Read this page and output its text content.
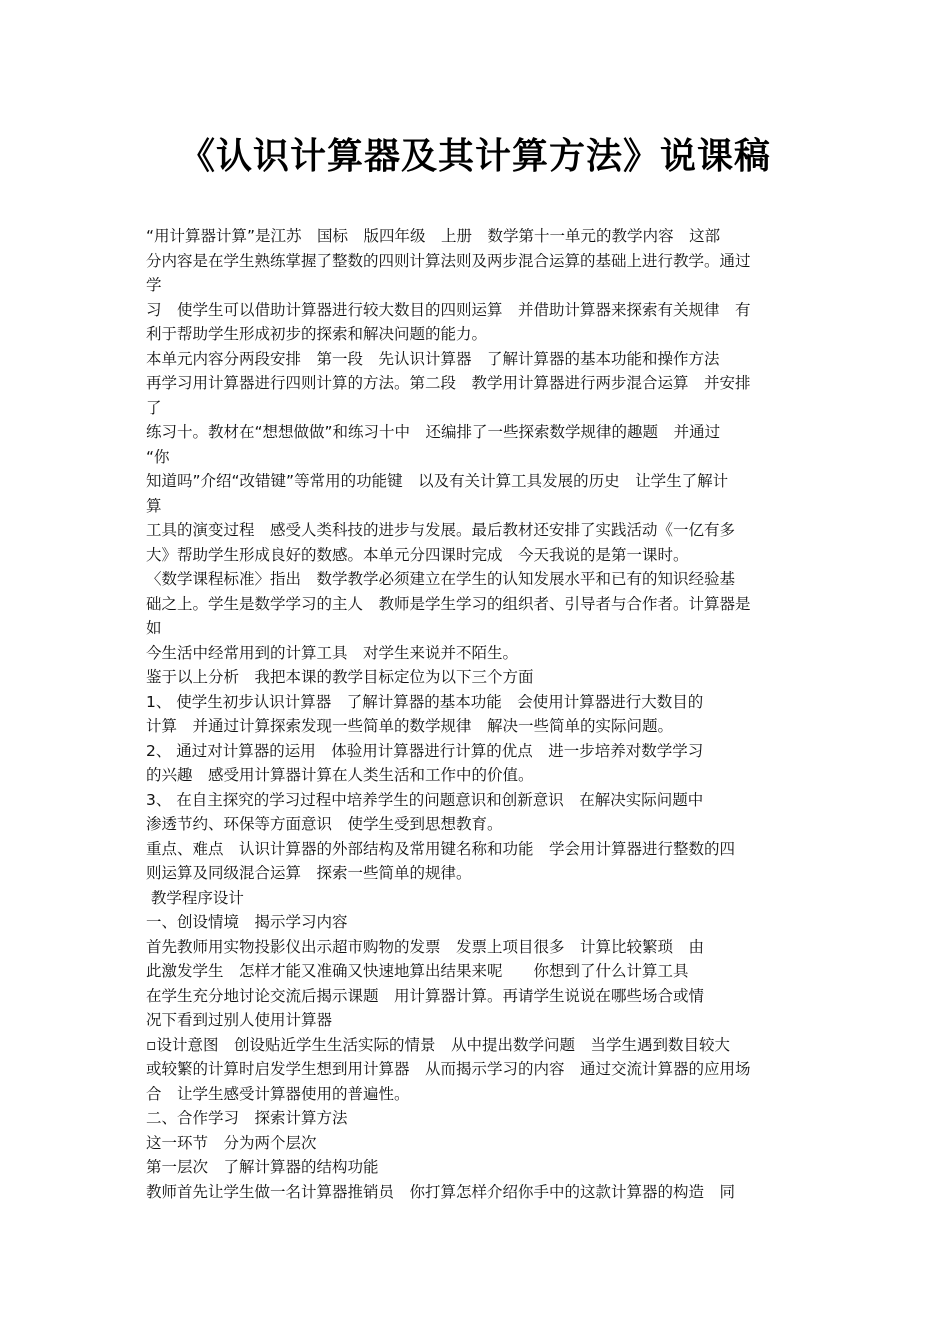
《认识计算器及其计算方法》说课稿
“用计算器计算”是江苏　国标　版四年级　上册　数学第十一单元的教学内容　这部
分内容是在学生熟练掌握了整数的四则计算法则及两步混合运算的基础上进行教学。通过
学
习　使学生可以借助计算器进行较大数目的四则运算　并借助计算器来探索有关规律　有
利于帮助学生形成初步的探索和解决问题的能力。
本单元内容分两段安排　第一段　先认识计算器　了解计算器的基本功能和操作方法
再学习用计算器进行四则计算的方法。第二段　教学用计算器进行两步混合运算　并安排
了
练习十。教材在“想想做做”和练习十中　还编排了一些探索数学规律的趣题　并通过
“你
知道吗”介绍“改错键”等常用的功能键　以及有关计算工具发展的历史　让学生了解计
算
工具的演变过程　感受人类科技的进步与发展。最后教材还安排了实践活动《一亿有多
大》帮助学生形成良好的数感。本单元分四课时完成　今天我说的是第一课时。
〈数学课程标准〉指出　数学教学必须建立在学生的认知发展水平和已有的知识经验基
础之上。学生是数学学习的主人　教师是学生学习的组织者、引导者与合作者。计算器是
如
今生活中经常用到的计算工具　对学生来说并不陌生。
鉴于以上分析　我把本课的教学目标定位为以下三个方面
1、 使学生初步认识计算器　了解计算器的基本功能　会使用计算器进行大数目的
计算　并通过计算探索发现一些简单的数学规律　解决一些简单的实际问题。
2、 通过对计算器的运用　体验用计算器进行计算的优点　进一步培养对数学学习
的兴趣　感受用计算器计算在人类生活和工作中的价值。
3、 在自主探究的学习过程中培养学生的问题意识和创新意识　在解决实际问题中
渗透节约、环保等方面意识　使学生受到思想教育。
重点、难点　认识计算器的外部结构及常用键名称和功能　学会用计算器进行整数的四
则运算及同级混合运算　探索一些简单的规律。
教学程序设计
一、创设情境　揭示学习内容
首先教师用实物投影仪出示超市购物的发票　发票上项目很多　计算比较繁琐　由
此激发学生　怎样才能又准确又快速地算出结果来呢　　你想到了什么计算工具
在学生充分地讨论交流后揭示课题　用计算器计算。再请学生说说在哪些场合或情
况下看到过别人使用计算器
▫设计意图　创设贴近学生生活实际的情景　从中提出数学问题　当学生遇到数目较大
或较繁的计算时启发学生想到用计算器　从而揭示学习的内容　通过交流计算器的应用场
合　让学生感受计算器使用的普遍性。
二、合作学习　探索计算方法
这一环节　分为两个层次
第一层次　了解计算器的结构功能
教师首先让学生做一名计算器推销员　你打算怎样介绍你手中的这款计算器的构造　同
